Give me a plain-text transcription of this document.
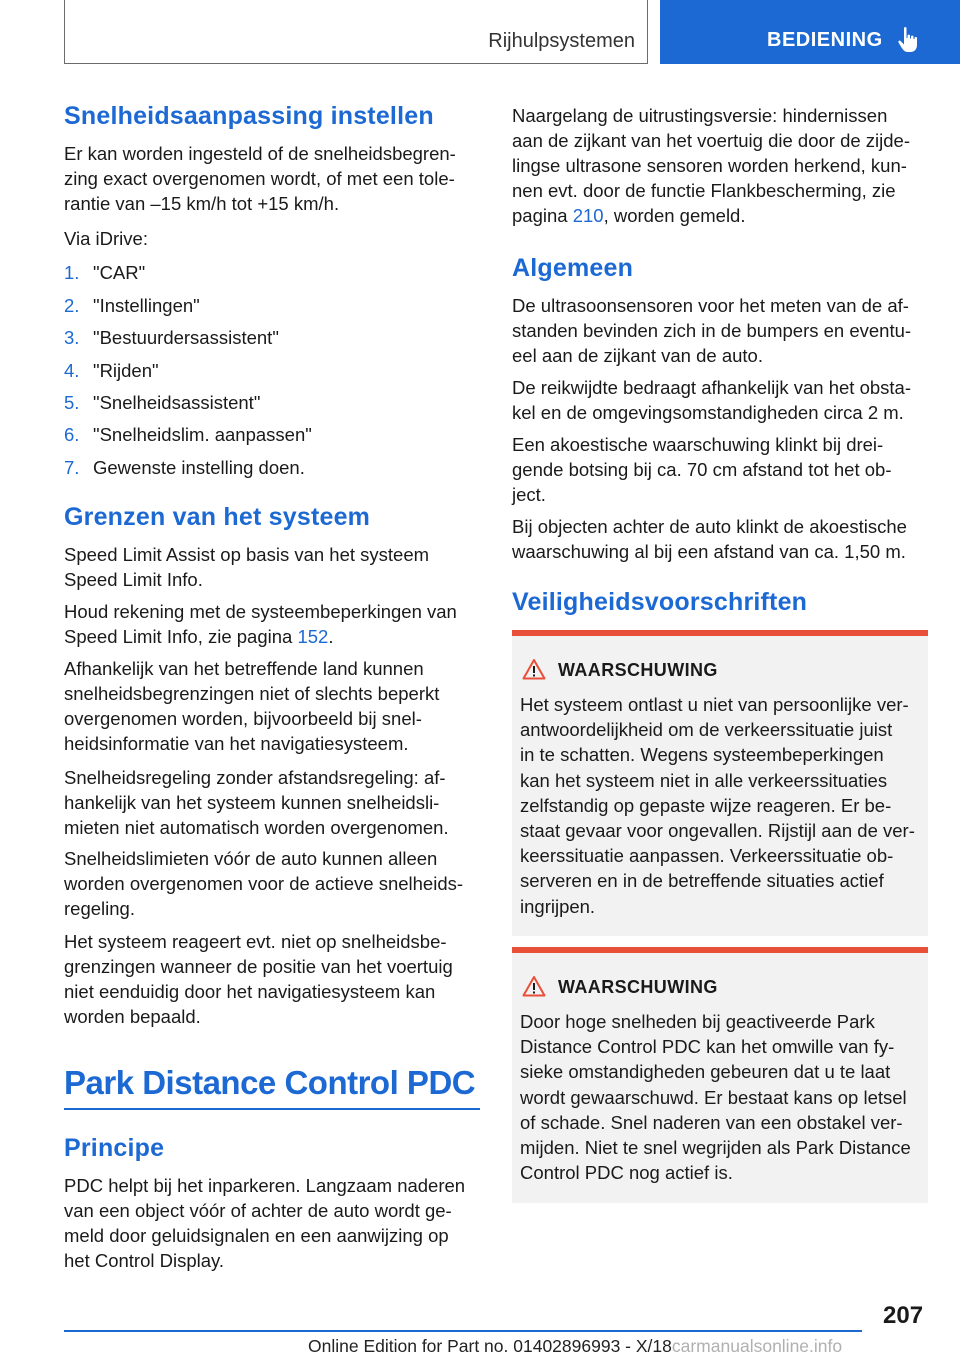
Rijhulpsystemen	BEDIENING
Snelheidsaanpassing instellen
Er kan worden ingesteld of de snelheidsbegren-
zing exact overgenomen wordt, of met een tole-
rantie van –15 km/h tot +15 km/h.
Via iDrive:
1. "CAR"
2. "Instellingen"
3. "Bestuurdersassistent"
4. "Rijden"
5. "Snelheidsassistent"
6. "Snelheidslim. aanpassen"
7. Gewenste instelling doen.
Grenzen van het systeem
Speed Limit Assist op basis van het systeem
Speed Limit Info.
Houd rekening met de systeembeperkingen van
Speed Limit Info, zie pagina 152.
Afhankelijk van het betreffende land kunnen
snelheidsbegrenzingen niet of slechts beperkt
overgenomen worden, bijvoorbeeld bij snel-
heidsinformatie van het navigatiesysteem.
Snelheidsregeling zonder afstandsregeling: af-
hankelijk van het systeem kunnen snelheidsli-
mieten niet automatisch worden overgenomen.
Snelheidslimieten vóór de auto kunnen alleen
worden overgenomen voor de actieve snelheids-
regeling.
Het systeem reageert evt. niet op snelheidsbe-
grenzingen wanneer de positie van het voertuig
niet eenduidig door het navigatiesysteem kan
worden bepaald.
Park Distance Control PDC
Principe
PDC helpt bij het inparkeren. Langzaam naderen
van een object vóór of achter de auto wordt ge-
meld door geluidsignalen en een aanwijzing op
het Control Display.
Naargelang de uitrustingsversie: hindernissen
aan de zijkant van het voertuig die door de zijde-
lingse ultrasone sensoren worden herkend, kun-
nen evt. door de functie Flankbescherming, zie
pagina 210, worden gemeld.
Algemeen
De ultrasoonsensoren voor het meten van de af-
standen bevinden zich in de bumpers en eventu-
eel aan de zijkant van de auto.
De reikwijdte bedraagt afhankelijk van het obsta-
kel en de omgevingsomstandigheden circa 2 m.
Een akoestische waarschuwing klinkt bij drei-
gende botsing bij ca. 70 cm afstand tot het ob-
ject.
Bij objecten achter de auto klinkt de akoestische
waarschuwing al bij een afstand van ca. 1,50 m.
Veiligheidsvoorschriften
WAARSCHUWING
Het systeem ontlast u niet van persoonlijke ver-
antwoordelijkheid om de verkeerssituatie juist
in te schatten. Wegens systeembeperkingen
kan het systeem niet in alle verkeerssituaties
zelfstandig op gepaste wijze reageren. Er be-
staat gevaar voor ongevallen. Rijstijl aan de ver-
keerssituatie aanpassen. Verkeerssituatie ob-
serveren en in de betreffende situaties actief
ingrijpen.
WAARSCHUWING
Door hoge snelheden bij geactiveerde Park
Distance Control PDC kan het omwille van fy-
sieke omstandigheden gebeuren dat u te laat
wordt gewaarschuwd. Er bestaat kans op letsel
of schade. Snel naderen van een obstakel ver-
mijden. Niet te snel wegrijden als Park Distance
Control PDC nog actief is.
207
Online Edition for Part no. 01402896993 - X/18carmanualsonline.info
